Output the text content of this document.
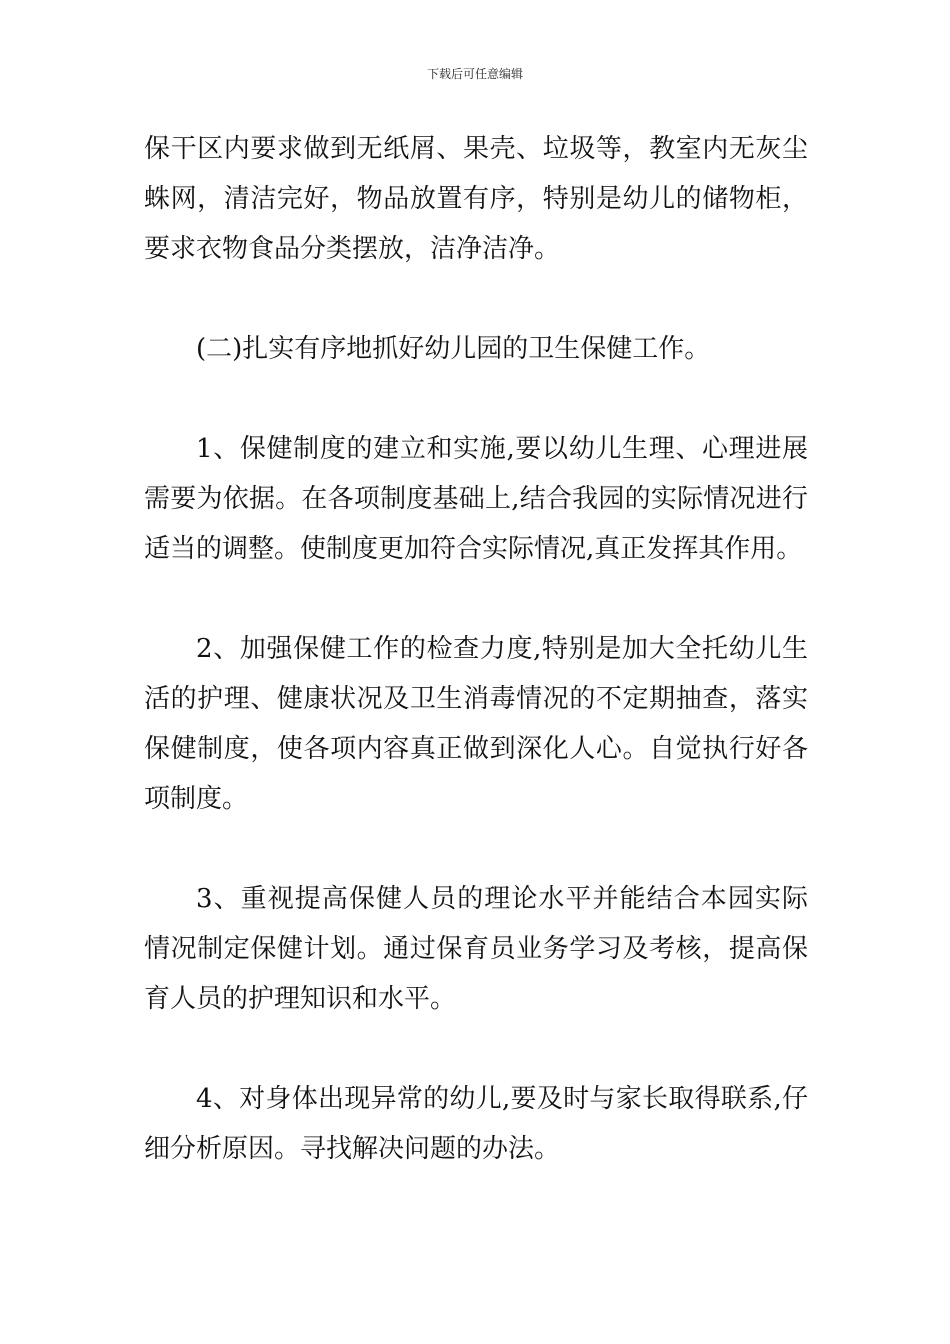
下载后可任意编辑

保干区内要求做到无纸屑、果壳、垃圾等，教室内无灰尘蛛网，清洁完好，物品放置有序，特别是幼儿的储物柜，要求衣物食品分类摆放，洁净洁净。

(二)扎实有序地抓好幼儿园的卫生保健工作。

1、保健制度的建立和实施,要以幼儿生理、心理进展需要为依据。在各项制度基础上,结合我园的实际情况进行适当的调整。使制度更加符合实际情况,真正发挥其作用。

2、加强保健工作的检查力度,特别是加大全托幼儿生活的护理、健康状况及卫生消毒情况的不定期抽查，落实保健制度，使各项内容真正做到深化人心。自觉执行好各项制度。

3、重视提高保健人员的理论水平并能结合本园实际情况制定保健计划。通过保育员业务学习及考核，提高保育人员的护理知识和水平。

4、对身体出现异常的幼儿,要及时与家长取得联系,仔细分析原因。寻找解决问题的办法。
